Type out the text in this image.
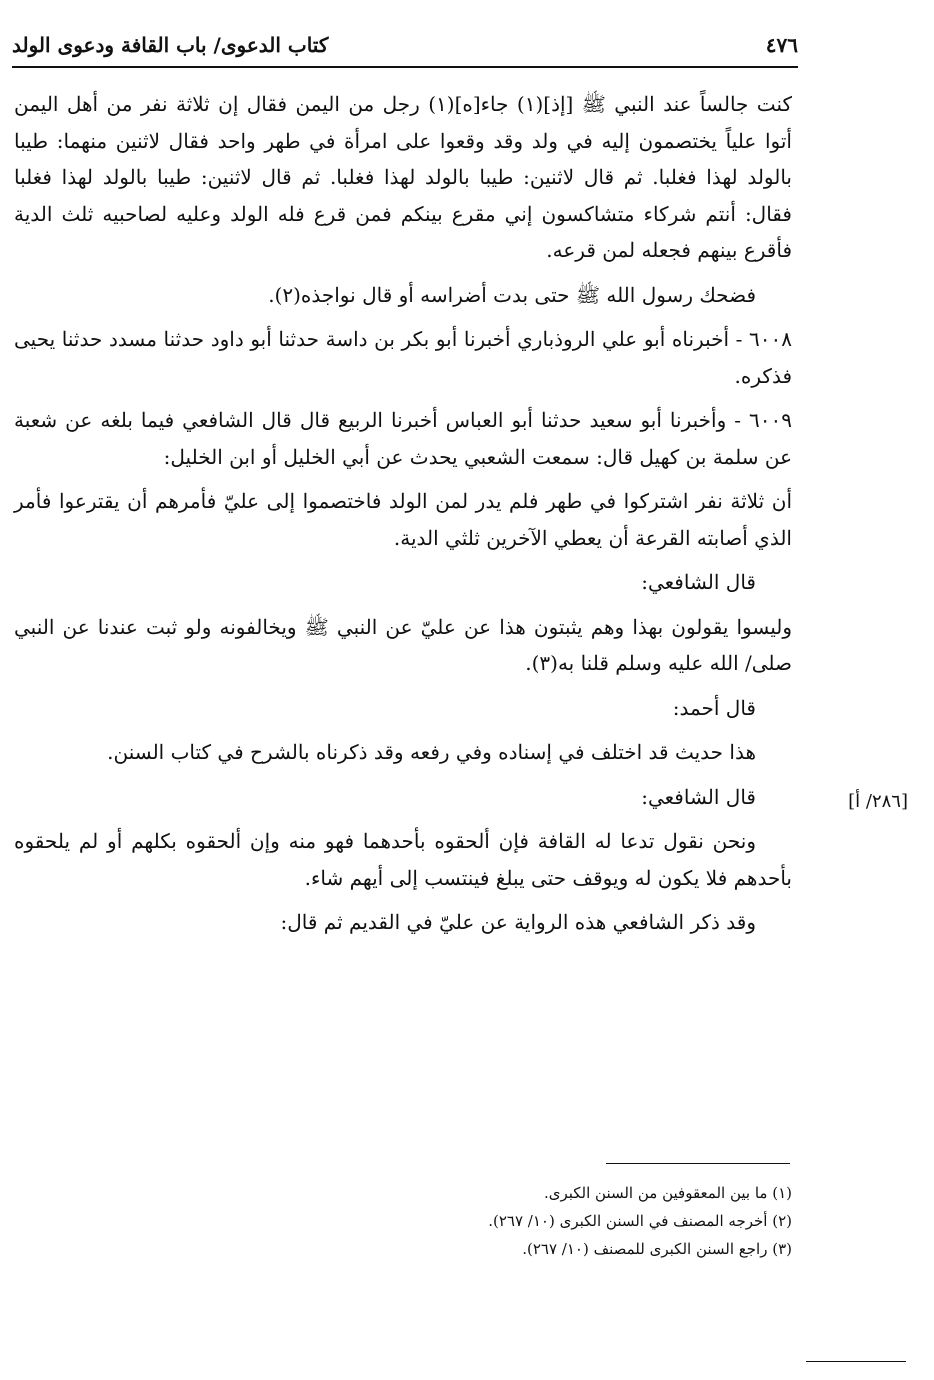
٤٧٦
كتاب الدعوى/ باب القافة ودعوى الولد

كنت جالساً عند النبي ﷺ [إذ](١) جاء[ه](١) رجل من اليمن فقال إن ثلاثة نفر من أهل اليمن أتوا علياً يختصمون إليه في ولد وقد وقعوا على امرأة في طهر واحد فقال لاثنين منهما: طيبا بالولد لهذا فغلبا. ثم قال لاثنين: طيبا بالولد لهذا فغلبا. ثم قال لاثنين: طيبا بالولد لهذا فغلبا فقال: أنتم شركاء متشاكسون إني مقرع بينكم فمن قرع فله الولد وعليه لصاحبيه ثلث الدية فأقرع بينهم فجعله لمن قرعه.

فضحك رسول الله ﷺ حتى بدت أضراسه أو قال نواجذه(٢).

٦٠٠٨ - أخبرناه أبو علي الروذباري أخبرنا أبو بكر بن داسة حدثنا أبو داود حدثنا مسدد حدثنا يحيى فذكره.

٦٠٠٩ - وأخبرنا أبو سعيد حدثنا أبو العباس أخبرنا الربيع قال قال الشافعي فيما بلغه عن شعبة عن سلمة بن كهيل قال: سمعت الشعبي يحدث عن أبي الخليل أو ابن الخليل:

أن ثلاثة نفر اشتركوا في طهر فلم يدر لمن الولد فاختصموا إلى عليّ فأمرهم أن يقترعوا فأمر الذي أصابته القرعة أن يعطي الآخرين ثلثي الدية.

قال الشافعي:

وليسوا يقولون بهذا وهم يثبتون هذا عن عليّ عن النبي ﷺ ويخالفونه ولو ثبت عندنا عن النبي صلى/ الله عليه وسلم قلنا به(٣).

قال أحمد:

هذا حديث قد اختلف في إسناده وفي رفعه وقد ذكرناه بالشرح في كتاب السنن.

قال الشافعي:

ونحن نقول تدعا له القافة فإن ألحقوه بأحدهما فهو منه وإن ألحقوه بكلهم أو لم يلحقوه بأحدهم فلا يكون له ويوقف حتى يبلغ فينتسب إلى أيهم شاء.

وقد ذكر الشافعي هذه الرواية عن عليّ في القديم ثم قال:

[٢٨٦/ أ]

(١) ما بين المعقوفين من السنن الكبرى.

(٢) أخرجه المصنف في السنن الكبرى (١٠/ ٢٦٧).

(٣) راجع السنن الكبرى للمصنف (١٠/ ٢٦٧).
